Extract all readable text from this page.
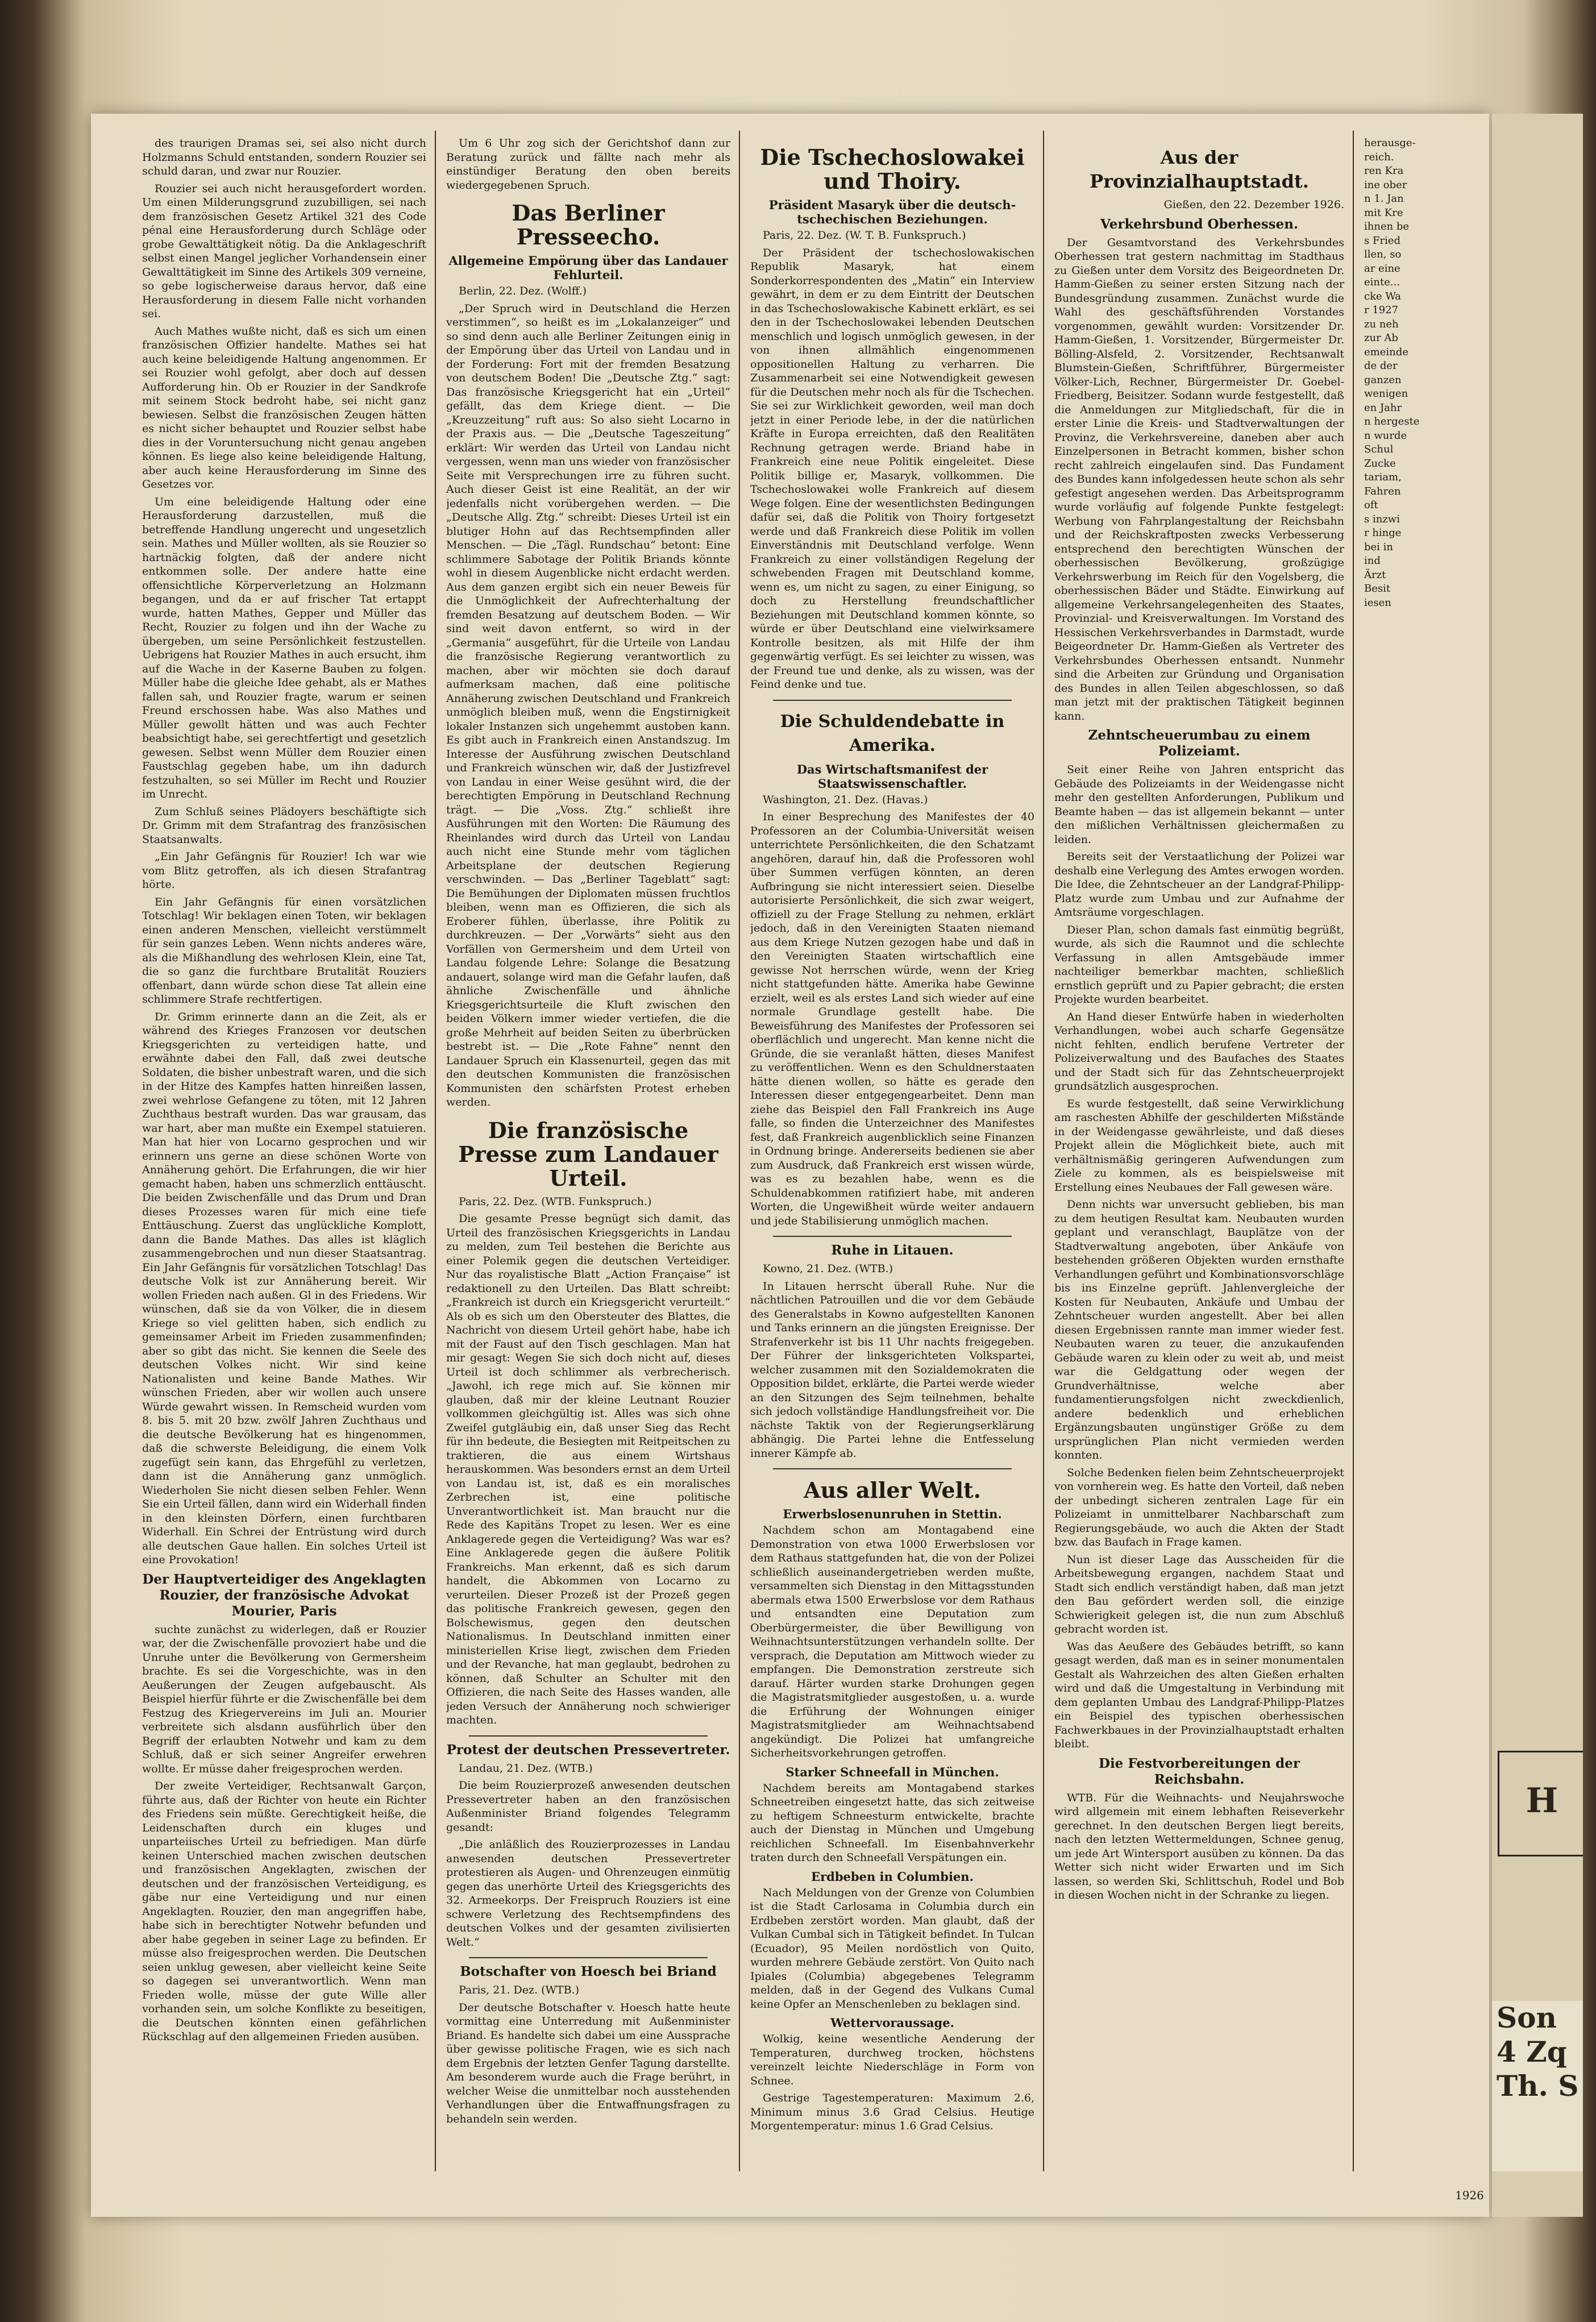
des traurigen Dramas sei, sei also nicht durch Holzmanns Schuld entstanden, sondern Rouzier sei schuld daran, und zwar nur Rouzier.

Rouzier sei auch nicht herausgefordert worden. Um einen Milderungsgrund zuzubilligen, sei nach dem französischen Gesetz Artikel 321 des Code pénal eine Herausforderung durch Schläge oder grobe Gewalttätigkeit nötig. Da die Anklageschrift selbst einen Mangel jeglicher Vorhandensein einer Gewalttätigkeit im Sinne des Artikels 309 verneine, so gebe logischerweise daraus hervor, daß eine Herausforderung in diesem Falle nicht vorhanden sei.

Auch Mathes wußte nicht, daß es sich um einen französischen Offizier handelte. Mathes sei hat auch keine beleidigende Haltung angenommen. Er sei Rouzier wohl gefolgt, aber doch auf dessen Aufforderung hin. Ob er Rouzier in der Sandkrofe mit seinem Stock bedroht habe, sei nicht ganz bewiesen. Selbst die französischen Zeugen hätten es nicht sicher behauptet und Rouzier selbst habe dies in der Voruntersuchung nicht genau angeben können. Es liege also keine beleidigende Haltung, aber auch keine Herausforderung im Sinne des Gesetzes vor.

Um eine beleidigende Haltung oder eine Herausforderung darzustellen, muß die betreffende Handlung ungerecht und ungesetzlich sein. Mathes und Müller wollten, als sie Rouzier so hartnäckig folgten, daß der andere nicht entkommen solle. Der andere hatte eine offensichtliche Körperverletzung an Holzmann begangen, und da er auf frischer Tat ertappt wurde, hatten Mathes, Gepper und Müller das Recht, Rouzier zu folgen und ihn der Wache zu übergeben, um seine Persönlichkeit festzustellen. Uebrigens hat Rouzier Mathes in auch ersucht, ihm auf die Wache in der Kaserne Bauben zu folgen. Müller habe die gleiche Idee gehabt, als er Mathes fallen sah, und Rouzier fragte, warum er seinen Freund erschossen habe. Was also Mathes und Müller gewollt hätten und was auch Fechter beabsichtigt habe, sei gerechtfertigt und gesetzlich gewesen. Selbst wenn Müller dem Rouzier einen Faustschlag gegeben habe, um ihn dadurch festzuhalten, so sei Müller im Recht und Rouzier im Unrecht.

Zum Schluß seines Plädoyers beschäftigte sich Dr. Grimm mit dem Strafantrag des französischen Staatsanwalts.

„Ein Jahr Gefängnis für Rouzier! Ich war wie vom Blitz getroffen, als ich diesen Strafantrag hörte.

Ein Jahr Gefängnis für einen vorsätzlichen Totschlag! Wir beklagen einen Toten, wir beklagen einen anderen Menschen, vielleicht verstümmelt für sein ganzes Leben. Wenn nichts anderes wäre, als die Mißhandlung des wehrlosen Klein, eine Tat, die so ganz die furchtbare Brutalität Rouziers offenbart, dann würde schon diese Tat allein eine schlimmere Strafe rechtfertigen.

Dr. Grimm erinnerte dann an die Zeit, als er während des Krieges Franzosen vor deutschen Kriegsgerichten zu verteidigen hatte, und erwähnte dabei den Fall, daß zwei deutsche Soldaten, die bisher unbestraft waren, und die sich in der Hitze des Kampfes hatten hinreißen lassen, zwei wehrlose Gefangene zu töten, mit 12 Jahren Zuchthaus bestraft wurden. Das war grausam, das war hart, aber man mußte ein Exempel statuieren. Man hat hier von Locarno gesprochen und wir erinnern uns gerne an diese schönen Worte von Annäherung gehört. Die Erfahrungen, die wir hier gemacht haben, haben uns schmerzlich enttäuscht. Die beiden Zwischenfälle und das Drum und Dran dieses Prozesses waren für mich eine tiefe Enttäuschung. Zuerst das unglückliche Komplott, dann die Bande Mathes. Das alles ist kläglich zusammengebrochen und nun dieser Staatsantrag. Ein Jahr Gefängnis für vorsätzlichen Totschlag! Das deutsche Volk ist zur Annäherung bereit. Wir wollen Frieden nach außen. Gl in des Friedens. Wir wünschen, daß sie da von Völker, die in diesem Kriege so viel gelitten haben, sich endlich zu gemeinsamer Arbeit im Frieden zusammenfinden; aber so gibt das nicht. Sie kennen die Seele des deutschen Volkes nicht. Wir sind keine Nationalisten und keine Bande Mathes. Wir wünschen Frieden, aber wir wollen auch unsere Würde gewahrt wissen. In Remscheid wurden vom 8. bis 5. mit 20 bzw. zwölf Jahren Zuchthaus und die deutsche Bevölkerung hat es hingenommen, daß die schwerste Beleidigung, die einem Volk zugefügt sein kann, das Ehrgefühl zu verletzen, dann ist die Annäherung ganz unmöglich. Wiederholen Sie nicht diesen selben Fehler. Wenn Sie ein Urteil fällen, dann wird ein Widerhall finden in den kleinsten Dörfern, einen furchtbaren Widerhall. Ein Schrei der Entrüstung wird durch alle deutschen Gaue hallen. Ein solches Urteil ist eine Provokation!

Der Hauptverteidiger des Angeklagten Rouzier, der französische Advokat Mourier, Paris

suchte zunächst zu widerlegen, daß er Rouzier war, der die Zwischenfälle provoziert habe und die Unruhe unter die Bevölkerung von Germersheim brachte. Es sei die Vorgeschichte, was in den Aeußerungen der Zeugen aufgebauscht. Als Beispiel hierfür führte er die Zwischenfälle bei dem Festzug des Kriegervereins im Juli an. Mourier verbreitete sich alsdann ausführlich über den Begriff der erlaubten Notwehr und kam zu dem Schluß, daß er sich seiner Angreifer erwehren wollte. Er müsse daher freigesprochen werden.

Der zweite Verteidiger, Rechtsanwalt Garçon, führte aus, daß der Richter von heute ein Richter des Friedens sein müßte. Gerechtigkeit heiße, die Leidenschaften durch ein kluges und unparteiisches Urteil zu befriedigen. Man dürfe keinen Unterschied machen zwischen deutschen und französischen Angeklagten, zwischen der deutschen und der französischen Verteidigung, es gäbe nur eine Verteidigung und nur einen Angeklagten. Rouzier, den man angegriffen habe, habe sich in berechtigter Notwehr befunden und aber habe gegeben in seiner Lage zu befinden. Er müsse also freigesprochen werden. Die Deutschen seien unklug gewesen, aber vielleicht keine Seite so dagegen sei unverantwortlich. Wenn man Frieden wolle, müsse der gute Wille aller vorhanden sein, um solche Konflikte zu beseitigen, die Deutschen könnten einen gefährlichen Rückschlag auf den allgemeinen Frieden ausüben.

Um 6 Uhr zog sich der Gerichtshof dann zur Beratung zurück und fällte nach mehr als einstündiger Beratung den oben bereits wiedergegebenen Spruch.

Das Berliner Presseecho.
Allgemeine Empörung über das Landauer Fehlurteil.

Berlin, 22. Dez. (Wolff.)

„Der Spruch wird in Deutschland die Herzen verstimmen“, so heißt es im „Lokalanzeiger“ und so sind denn auch alle Berliner Zeitungen einig in der Empörung über das Urteil von Landau und in der Forderung: Fort mit der fremden Besatzung von deutschem Boden! Die „Deutsche Ztg.“ sagt: Das französische Kriegsgericht hat ein „Urteil“ gefällt, das dem Kriege dient. — Die „Kreuzzeitung“ ruft aus: So also sieht Locarno in der Praxis aus. — Die „Deutsche Tageszeitung“ erklärt: Wir werden das Urteil von Landau nicht vergessen, wenn man uns wieder von französischer Seite mit Versprechungen irre zu führen sucht. Auch dieser Geist ist eine Realität, an der wir jedenfalls nicht vorübergehen werden. — Die „Deutsche Allg. Ztg.“ schreibt: Dieses Urteil ist ein blutiger Hohn auf das Rechtsempfinden aller Menschen. — Die „Tägl. Rundschau“ betont: Eine schlimmere Sabotage der Politik Briands könnte wohl in diesem Augenblicke nicht erdacht werden. Aus dem ganzen ergibt sich ein neuer Beweis für die Unmöglichkeit der Aufrechterhaltung der fremden Besatzung auf deutschem Boden. — Wir sind weit davon entfernt, so wird in der „Germania“ ausgeführt, für die Urteile von Landau die französische Regierung verantwortlich zu machen, aber wir möchten sie doch darauf aufmerksam machen, daß eine politische Annäherung zwischen Deutschland und Frankreich unmöglich bleiben muß, wenn die Engstirnigkeit lokaler Instanzen sich ungehemmt austoben kann. Es gibt auch in Frankreich einen Anstandszug. Im Interesse der Ausführung zwischen Deutschland und Frankreich wünschen wir, daß der Justizfrevel von Landau in einer Weise gesühnt wird, die der berechtigten Empörung in Deutschland Rechnung trägt. — Die „Voss. Ztg.“ schließt ihre Ausführungen mit den Worten: Die Räumung des Rheinlandes wird durch das Urteil von Landau auch nicht eine Stunde mehr vom täglichen Arbeitsplane der deutschen Regierung verschwinden. — Das „Berliner Tageblatt“ sagt: Die Bemühungen der Diplomaten müssen fruchtlos bleiben, wenn man es Offizieren, die sich als Eroberer fühlen, überlasse, ihre Politik zu durchkreuzen. — Der „Vorwärts“ sieht aus den Vorfällen von Germersheim und dem Urteil von Landau folgende Lehre: Solange die Besatzung andauert, solange wird man die Gefahr laufen, daß ähnliche Zwischenfälle und ähnliche Kriegsgerichtsurteile die Kluft zwischen den beiden Völkern immer wieder vertiefen, die die große Mehrheit auf beiden Seiten zu überbrücken bestrebt ist. — Die „Rote Fahne“ nennt den Landauer Spruch ein Klassenurteil, gegen das mit den deutschen Kommunisten die französischen Kommunisten den schärfsten Protest erheben werden.

Die französische Presse zum Landauer Urteil.

Paris, 22. Dez. (WTB. Funkspruch.)

Die gesamte Presse begnügt sich damit, das Urteil des französischen Kriegsgerichts in Landau zu melden, zum Teil bestehen die Berichte aus einer Polemik gegen die deutschen Verteidiger. Nur das royalistische Blatt „Action Française“ ist redaktionell zu den Urteilen. Das Blatt schreibt: „Frankreich ist durch ein Kriegsgericht verurteilt.“ Als ob es sich um den Obersteuter des Blattes, die Nachricht von diesem Urteil gehört habe, habe ich mit der Faust auf den Tisch geschlagen. Man hat mir gesagt: Wegen Sie sich doch nicht auf, dieses Urteil ist doch schlimmer als verbrecherisch. „Jawohl, ich rege mich auf. Sie können mir glauben, daß mir der kleine Leutnant Rouzier vollkommen gleichgültig ist. Alles was sich ohne Zweifel gutgläubig ein, daß unser Sieg das Recht für ihn bedeute, die Besiegten mit Reitpeitschen zu traktieren, die aus einem Wirtshaus herauskommen. Was besonders ernst an dem Urteil von Landau ist, ist, daß es ein moralisches Zerbrechen ist, eine politische Unverantwortlichkeit ist. Man braucht nur die Rede des Kapitäns Tropet zu lesen. Wer es eine Anklagerede gegen die Verteidigung? Was war es? Eine Anklagerede gegen die äußere Politik Frankreichs. Man erkennt, daß es sich darum handelt, die Abkommen von Locarno zu verurteilen. Dieser Prozeß ist der Prozeß gegen das politische Frankreich gewesen, gegen den Bolschewismus, gegen den deutschen Nationalismus. In Deutschland inmitten einer ministeriellen Krise liegt, zwischen dem Frieden und der Revanche, hat man geglaubt, bedrohen zu können, daß Schulter an Schulter mit den Offizieren, die nach Seite des Hasses wanden, alle jeden Versuch der Annäherung noch schwieriger machten.

Protest der deutschen Pressevertreter.

Landau, 21. Dez. (WTB.)

Die beim Rouzierprozeß anwesenden deutschen Pressevertreter haben an den französischen Außenminister Briand folgendes Telegramm gesandt:

„Die anläßlich des Rouzierprozesses in Landau anwesenden deutschen Pressevertreter protestieren als Augen- und Ohrenzeugen einmütig gegen das unerhörte Urteil des Kriegsgerichts des 32. Armeekorps. Der Freispruch Rouziers ist eine schwere Verletzung des Rechtsempfindens des deutschen Volkes und der gesamten zivilisierten Welt.“

Botschafter von Hoesch bei Briand

Paris, 21. Dez. (WTB.)

Der deutsche Botschafter v. Hoesch hatte heute vormittag eine Unterredung mit Außenminister Briand. Es handelte sich dabei um eine Aussprache über gewisse politische Fragen, wie es sich nach dem Ergebnis der letzten Genfer Tagung darstellte. Am besonderem wurde auch die Frage berührt, in welcher Weise die unmittelbar noch ausstehenden Verhandlungen über die Entwaffnungsfragen zu behandeln sein werden.

Die Tschechoslowakei und Thoiry.
Präsident Masaryk über die deutsch-tschechischen Beziehungen.

Paris, 22. Dez. (W. T. B. Funkspruch.)

Der Präsident der tschechoslowakischen Republik Masaryk, hat einem Sonderkorrespondenten des „Matin“ ein Interview gewährt, in dem er zu dem Eintritt der Deutschen in das Tschechoslowakische Kabinett erklärt, es sei den in der Tschechoslowakei lebenden Deutschen menschlich und logisch unmöglich gewesen, in der von ihnen allmählich eingenommenen oppositionellen Haltung zu verharren. Die Zusammenarbeit sei eine Notwendigkeit gewesen für die Deutschen mehr noch als für die Tschechen. Sie sei zur Wirklichkeit geworden, weil man doch jetzt in einer Periode lebe, in der die natürlichen Kräfte in Europa erreichten, daß den Realitäten Rechnung getragen werde. Briand habe in Frankreich eine neue Politik eingeleitet. Diese Politik billige er, Masaryk, vollkommen. Die Tschechoslowakei wolle Frankreich auf diesem Wege folgen. Eine der wesentlichsten Bedingungen dafür sei, daß die Politik von Thoiry fortgesetzt werde und daß Frankreich diese Politik im vollen Einverständnis mit Deutschland verfolge. Wenn Frankreich zu einer vollständigen Regelung der schwebenden Fragen mit Deutschland komme, wenn es, um nicht zu sagen, zu einer Einigung, so doch zu Herstellung freundschaftlicher Beziehungen mit Deutschland kommen könnte, so würde er über Deutschland eine vielwirksamere Kontrolle besitzen, als mit Hilfe der ihm gegenwärtig verfügt. Es sei leichter zu wissen, was der Freund tue und denke, als zu wissen, was der Feind denke und tue.

Die Schuldendebatte in Amerika.
Das Wirtschaftsmanifest der Staatswissenschaftler.

Washington, 21. Dez. (Havas.)

In einer Besprechung des Manifestes der 40 Professoren an der Columbia-Universität weisen unterrichtete Persönlichkeiten, die den Schatzamt angehören, darauf hin, daß die Professoren wohl über Summen verfügen könnten, an deren Aufbringung sie nicht interessiert seien. Dieselbe autorisierte Persönlichkeit, die sich zwar weigert, offiziell zu der Frage Stellung zu nehmen, erklärt jedoch, daß in den Vereinigten Staaten niemand aus dem Kriege Nutzen gezogen habe und daß in den Vereinigten Staaten wirtschaftlich eine gewisse Not herrschen würde, wenn der Krieg nicht stattgefunden hätte. Amerika habe Gewinne erzielt, weil es als erstes Land sich wieder auf eine normale Grundlage gestellt habe. Die Beweisführung des Manifestes der Professoren sei oberflächlich und ungerecht. Man kenne nicht die Gründe, die sie veranlaßt hätten, dieses Manifest zu veröffentlichen. Wenn es den Schuldnerstaaten hätte dienen wollen, so hätte es gerade den Interessen dieser entgegengearbeitet. Denn man ziehe das Beispiel den Fall Frankreich ins Auge falle, so finden die Unterzeichner des Manifestes fest, daß Frankreich augenblicklich seine Finanzen in Ordnung bringe. Andererseits bedienen sie aber zum Ausdruck, daß Frankreich erst wissen würde, was es zu bezahlen habe, wenn es die Schuldenabkommen ratifiziert habe, mit anderen Worten, die Ungewißheit würde weiter andauern und jede Stabilisierung unmöglich machen.

Ruhe in Litauen.

Kowno, 21. Dez. (WTB.)

In Litauen herrscht überall Ruhe. Nur die nächtlichen Patrouillen und die vor dem Gebäude des Generalstabs in Kowno aufgestellten Kanonen und Tanks erinnern an die jüngsten Ereignisse. Der Strafenverkehr ist bis 11 Uhr nachts freigegeben. Der Führer der linksgerichteten Volkspartei, welcher zusammen mit den Sozialdemokraten die Opposition bildet, erklärte, die Partei werde wieder an den Sitzungen des Sejm teilnehmen, behalte sich jedoch vollständige Handlungsfreiheit vor. Die nächste Taktik von der Regierungserklärung abhängig. Die Partei lehne die Entfesselung innerer Kämpfe ab.

Aus aller Welt.
Erwerbslosenunruhen in Stettin.

Nachdem schon am Montagabend eine Demonstration von etwa 1000 Erwerbslosen vor dem Rathaus stattgefunden hat, die von der Polizei schließlich auseinandergetrieben werden mußte, versammelten sich Dienstag in den Mittagsstunden abermals etwa 1500 Erwerbslose vor dem Rathaus und entsandten eine Deputation zum Oberbürgermeister, die über Bewilligung von Weihnachtsunterstützungen verhandeln sollte. Der versprach, die Deputation am Mittwoch wieder zu empfangen. Die Demonstration zerstreute sich darauf. Härter wurden starke Drohungen gegen die Magistratsmitglieder ausgestoßen, u. a. wurde die Erführung der Wohnungen einiger Magistratsmitglieder am Weihnachtsabend angekündigt. Die Polizei hat umfangreiche Sicherheitsvorkehrungen getroffen.

Starker Schneefall in München.

Nachdem bereits am Montagabend starkes Schneetreiben eingesetzt hatte, das sich zeitweise zu heftigem Schneesturm entwickelte, brachte auch der Dienstag in München und Umgebung reichlichen Schneefall. Im Eisenbahnverkehr traten durch den Schneefall Verspätungen ein.

Erdbeben in Columbien.

Nach Meldungen von der Grenze von Columbien ist die Stadt Carlosama in Columbia durch ein Erdbeben zerstört worden. Man glaubt, daß der Vulkan Cumbal sich in Tätigkeit befindet. In Tulcan (Ecuador), 95 Meilen nordöstlich von Quito, wurden mehrere Gebäude zerstört. Von Quito nach Ipiales (Columbia) abgegebenes Telegramm melden, daß in der Gegend des Vulkans Cumal keine Opfer an Menschenleben zu beklagen sind.

Wettervoraussage.

Wolkig, keine wesentliche Aenderung der Temperaturen, durchweg trocken, höchstens vereinzelt leichte Niederschläge in Form von Schnee.

Gestrige Tagestemperaturen: Maximum 2.6, Minimum minus 3.6 Grad Celsius. Heutige Morgentemperatur: minus 1.6 Grad Celsius.

Aus der Provinzialhauptstadt.

Gießen, den 22. Dezember 1926.

Verkehrsbund Oberhessen.

Der Gesamtvorstand des Verkehrsbundes Oberhessen trat gestern nachmittag im Stadthaus zu Gießen unter dem Vorsitz des Beigeordneten Dr. Hamm-Gießen zu seiner ersten Sitzung nach der Bundesgründung zusammen. Zunächst wurde die Wahl des geschäftsführenden Vorstandes vorgenommen, gewählt wurden: Vorsitzender Dr. Hamm-Gießen, 1. Vorsitzender, Bürgermeister Dr. Bölling-Alsfeld, 2. Vorsitzender, Rechtsanwalt Blumstein-Gießen, Schriftführer, Bürgermeister Völker-Lich, Rechner, Bürgermeister Dr. Goebel-Friedberg, Beisitzer. Sodann wurde festgestellt, daß die Anmeldungen zur Mitgliedschaft, für die in erster Linie die Kreis- und Stadtverwaltungen der Provinz, die Verkehrsvereine, daneben aber auch Einzelpersonen in Betracht kommen, bisher schon recht zahlreich eingelaufen sind. Das Fundament des Bundes kann infolgedessen heute schon als sehr gefestigt angesehen werden. Das Arbeitsprogramm wurde vorläufig auf folgende Punkte festgelegt: Werbung von Fahrplangestaltung der Reichsbahn und der Reichskraftposten zwecks Verbesserung entsprechend den berechtigten Wünschen der oberhessischen Bevölkerung, großzügige Verkehrswerbung im Reich für den Vogelsberg, die oberhessischen Bäder und Städte. Einwirkung auf allgemeine Verkehrsangelegenheiten des Staates, Provinzial- und Kreisverwaltungen. Im Vorstand des Hessischen Verkehrsverbandes in Darmstadt, wurde Beigeordneter Dr. Hamm-Gießen als Vertreter des Verkehrsbundes Oberhessen entsandt. Nunmehr sind die Arbeiten zur Gründung und Organisation des Bundes in allen Teilen abgeschlossen, so daß man jetzt mit der praktischen Tätigkeit beginnen kann.

Zehntscheuerumbau zu einem Polizeiamt.

Seit einer Reihe von Jahren entspricht das Gebäude des Polizeiamts in der Weidengasse nicht mehr den gestellten Anforderungen, Publikum und Beamte haben — das ist allgemein bekannt — unter den mißlichen Verhältnissen gleichermaßen zu leiden.

Bereits seit der Verstaatlichung der Polizei war deshalb eine Verlegung des Amtes erwogen worden. Die Idee, die Zehntscheuer an der Landgraf-Philipp-Platz wurde zum Umbau und zur Aufnahme der Amtsräume vorgeschlagen.

Dieser Plan, schon damals fast einmütig begrüßt, wurde, als sich die Raumnot und die schlechte Verfassung in allen Amtsgebäude immer nachteiliger bemerkbar machten, schließlich ernstlich geprüft und zu Papier gebracht; die ersten Projekte wurden bearbeitet.

An Hand dieser Entwürfe haben in wiederholten Verhandlungen, wobei auch scharfe Gegensätze nicht fehlten, endlich berufene Vertreter der Polizeiverwaltung und des Baufaches des Staates und der Stadt sich für das Zehntscheuerprojekt grundsätzlich ausgesprochen.

Es wurde festgestellt, daß seine Verwirklichung am raschesten Abhilfe der geschilderten Mißstände in der Weidengasse gewährleiste, und daß dieses Projekt allein die Möglichkeit biete, auch mit verhältnismäßig geringeren Aufwendungen zum Ziele zu kommen, als es beispielsweise mit Erstellung eines Neubaues der Fall gewesen wäre.

Denn nichts war unversucht geblieben, bis man zu dem heutigen Resultat kam. Neubauten wurden geplant und veranschlagt, Bauplätze von der Stadtverwaltung angeboten, über Ankäufe von bestehenden größeren Objekten wurden ernsthafte Verhandlungen geführt und Kombinationsvorschläge bis ins Einzelne geprüft. Jahlenvergleiche der Kosten für Neubauten, Ankäufe und Umbau der Zehntscheuer wurden angestellt. Aber bei allen diesen Ergebnissen rannte man immer wieder fest. Neubauten waren zu teuer, die anzukaufenden Gebäude waren zu klein oder zu weit ab, und meist war die Geldgattung oder wegen der Grundverhältnisse, welche aber fundamentierungsfolgen nicht zweckdienlich, andere bedenklich und erheblichen Ergänzungsbauten ungünstiger Größe zu dem ursprünglichen Plan nicht vermieden werden konnten.

Solche Bedenken fielen beim Zehntscheuerprojekt von vornherein weg. Es hatte den Vorteil, daß neben der unbedingt sicheren zentralen Lage für ein Polizeiamt in unmittelbarer Nachbarschaft zum Regierungsgebäude, wo auch die Akten der Stadt bzw. das Baufach in Frage kamen.

Nun ist dieser Lage das Ausscheiden für die Arbeitsbewegung ergangen, nachdem Staat und Stadt sich endlich verständigt haben, daß man jetzt den Bau gefördert werden soll, die einzige Schwierigkeit gelegen ist, die nun zum Abschluß gebracht worden ist.

Was das Aeußere des Gebäudes betrifft, so kann gesagt werden, daß man es in seiner monumentalen Gestalt als Wahrzeichen des alten Gießen erhalten wird und daß die Umgestaltung in Verbindung mit dem geplanten Umbau des Landgraf-Philipp-Platzes ein Beispiel des typischen oberhessischen Fachwerkbaues in der Provinzialhauptstadt erhalten bleibt.

Die Festvorbereitungen der Reichsbahn.

WTB. Für die Weihnachts- und Neujahrswoche wird allgemein mit einem lebhaften Reiseverkehr gerechnet. In den deutschen Bergen liegt bereits, nach den letzten Wettermeldungen, Schnee genug, um jede Art Wintersport ausüben zu können. Da das Wetter sich nicht wider Erwarten und im Sich lassen, so werden Ski, Schlittschuh, Rodel und Bob in diesen Wochen nicht in der Schranke zu liegen.

herausge-
reich.
ren Kra
ine ober
n 1. Jan
mit Kre
ihnen be
s Fried
llen, so
ar eine
einte...
cke Wa
r 1927
zu neh
zur Ab
emeinde
de der
ganzen
wenigen
en Jahr
n hergeste
n wurde
Schul
Zucke
tariam,
Fahren
oft
s inzwi
r hinge
bei in
ind
Ärzt
Besit
iesen
1926
H
Son
4 Zq
Th. S
